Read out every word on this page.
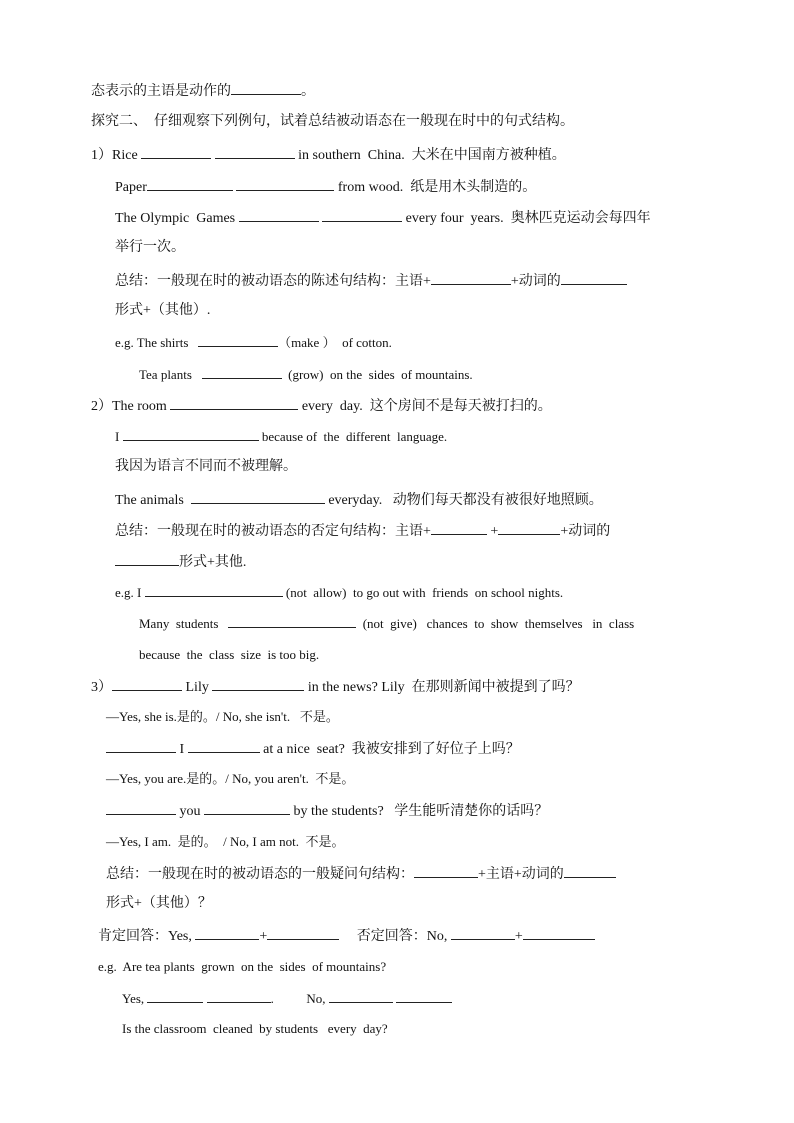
态表示的主语是动作的	。
探究二、  仔细观察下列例句，试着总结被动语态在一般现在时中的句式结构。
1）Rice	in southern  China.  大米在中国南方被种植。
Paper	from wood.  纸是用木头制造的。
The Olympic  Games	every four  years.  奥林匹克运动会每四年
举行一次。
总结：一般现在时的被动语态的陈述句结构：主语+	+动词的
形式+（其他）.
e.g. The shirts	（make ）  of cotton.
Tea plants	(grow)  on the  sides  of mountains.
2）The room	every  day.  这个房间不是每天被打扫的。
I	because of  the  different  language.
我因为语言不同而不被理解。
The animals	everyday.   动物们每天都没有被很好地照顾。
总结：一般现在时的被动语态的否定句结构：主语+	+	+动词的
形式+其他.
e.g. I	(not  allow)  to go out with  friends  on school nights.
Many  students	(not  give)   chances  to  show  themselves   in  class
because  the  class  size  is too big.
3）	Lily	in the news? Lily  在那则新闻中被提到了吗？
—Yes, she is.是的。/ No, she isn't.   不是。
I	at a nice  seat?  我被安排到了好位子上吗？
—Yes, you are.是的。/ No, you aren't.  不是。
you	by the students?   学生能听清楚你的话吗？
—Yes, I am.  是的。  / No, I am not.  不是。
总结：一般现在时的被动语态的一般疑问句结构：	+主语+动词的
形式+（其他）？
肯定回答：Yes,	+	否定回答：No,	+
e.g.  Are tea plants  grown  on the  sides  of mountains?
Yes,	.          No,
Is the classroom  cleaned  by students   every  day?
